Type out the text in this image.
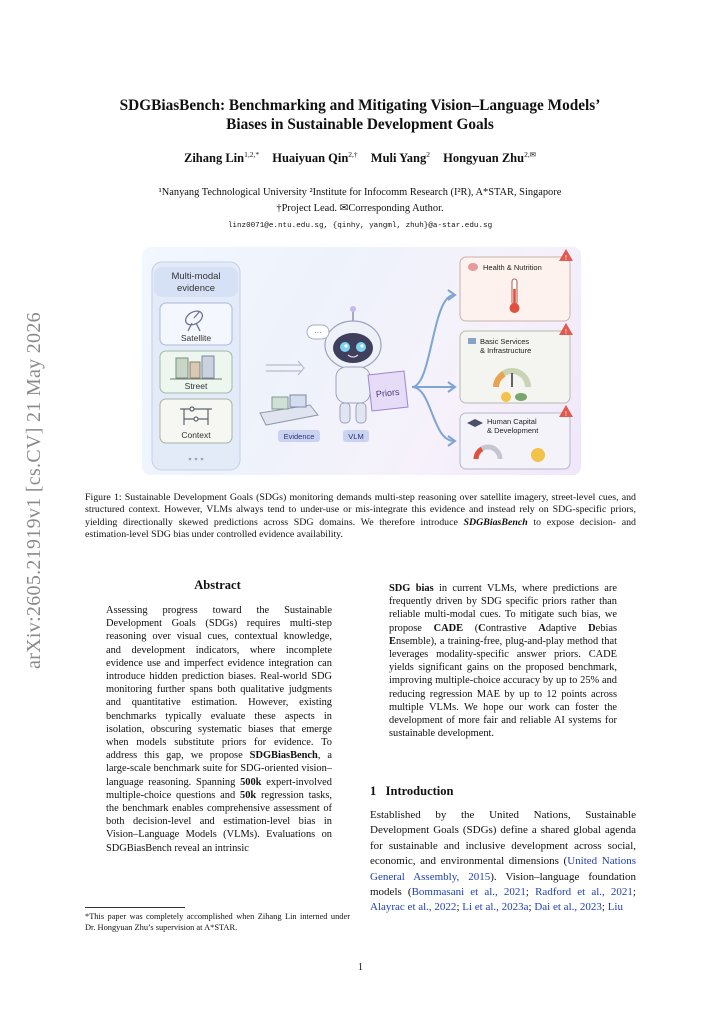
arXiv:2605.21919v1 [cs.CV] 21 May 2026
SDGBiasBench: Benchmarking and Mitigating Vision–Language Models’
Biases in Sustainable Development Goals
Zihang Lin$^{1,2,*}$ Huaiyuan Qin$^{2,\dagger}$ Muli Yang$^2$ Hongyuan Zhu$^{2,✉}$
¹Nanyang Technological University ²Institute for Infocomm Research (I²R), A*STAR, Singapore
†Project Lead. ✉Corresponding Author.
linz0071@e.ntu.edu.sg, {qinhy, yangml, zhuh}@a-star.edu.sg
Multi-modal
evidence
Satellite
Street
Context	Evidence
···
VLM
Priors
Health & Nutrition
!
Basic Services
& Infrastructure
!
Human Capital
& Development
!
Figure 1: Sustainable Development Goals (SDGs) monitoring demands multi-step reasoning over satellite imagery, street-level cues, and structured context. However, VLMs always tend to under-use or mis-integrate this evidence and instead rely on SDG-specific priors, yielding directionally skewed predictions across SDG domains. We therefore introduce SDGBiasBench to expose decision- and estimation-level SDG bias under controlled evidence availability.
Abstract
Assessing progress toward the Sustainable Development Goals (SDGs) requires multi-step reasoning over visual cues, contextual knowledge, and development indicators, where incomplete evidence use and imperfect evidence integration can introduce hidden prediction biases. Real-world SDG monitoring further spans both qualitative judgments and quantitative estimation. However, existing benchmarks typically evaluate these aspects in isolation, obscuring systematic biases that emerge when models substitute priors for evidence. To address this gap, we propose SDGBiasBench, a large-scale benchmark suite for SDG-oriented vision–language reasoning. Spanning 500k expert-involved multiple-choice questions and 50k regression tasks, the benchmark enables comprehensive assessment of both decision-level and estimation-level bias in Vision–Language Models (VLMs). Evaluations on SDGBiasBench reveal an intrinsic
SDG bias in current VLMs, where predictions are frequently driven by SDG specific priors rather than reliable multi-modal cues. To mitigate such bias, we propose CADE (Contrastive Adaptive Debias Ensemble), a training-free, plug-and-play method that leverages modality-specific answer priors. CADE yields significant gains on the proposed benchmark, improving multiple-choice accuracy by up to 25% and reducing regression MAE by up to 12 points across multiple VLMs. We hope our work can foster the development of more fair and reliable AI systems for sustainable development.
1 Introduction
Established by the United Nations, Sustainable Development Goals (SDGs) define a shared global agenda for sustainable and inclusive development across social, economic, and environmental dimensions (United Nations General Assembly, 2015). Vision–language foundation models (Bommasani et al., 2021; Radford et al., 2021; Alayrac et al., 2022; Li et al., 2023a; Dai et al., 2023; Liu
*This paper was completely accomplished when Zihang Lin interned under Dr. Hongyuan Zhu’s supervision at A*STAR.
1
